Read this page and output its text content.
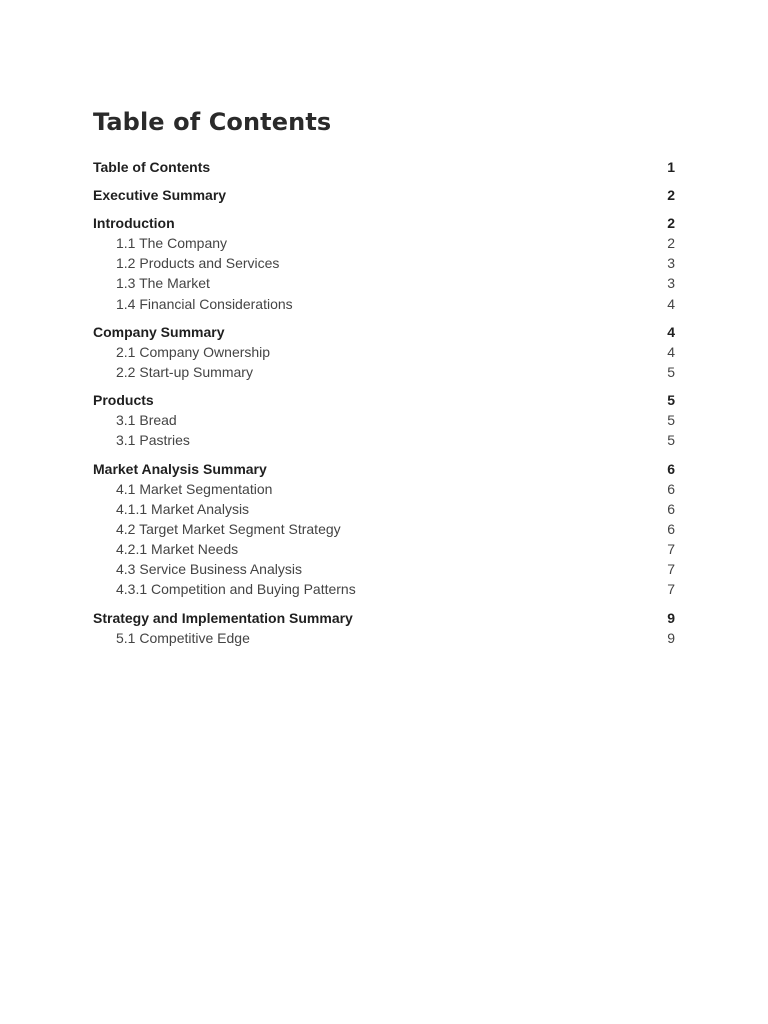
Table of Contents
Table of Contents	1
Executive Summary	2
Introduction	2
1.1 The Company	2
1.2 Products and Services	3
1.3 The Market	3
1.4 Financial Considerations	4
Company Summary	4
2.1 Company Ownership	4
2.2 Start-up Summary	5
Products	5
3.1 Bread	5
3.1 Pastries	5
Market Analysis Summary	6
4.1 Market Segmentation	6
4.1.1 Market Analysis	6
4.2 Target Market Segment Strategy	6
4.2.1 Market Needs	7
4.3 Service Business Analysis	7
4.3.1 Competition and Buying Patterns	7
Strategy and Implementation Summary	9
5.1 Competitive Edge	9
